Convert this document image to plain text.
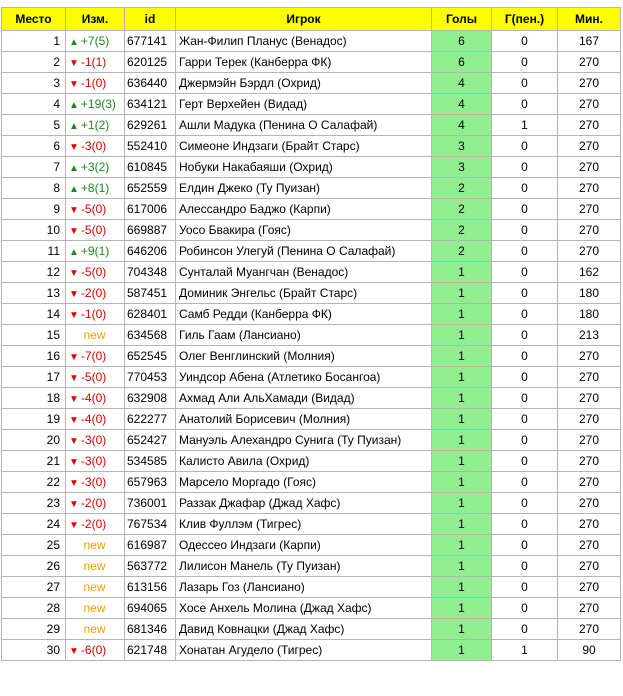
Место	Изм.	id	Игрок	Голы	Г(пен.)	Мин.
1	▲ +7(5)	677141	Жан-Филип Планус (Венадос)	6	0	167
2	▼ -1(1)	620125	Гарри Терек (Канберра ФК)	6	0	270
3	▼ -1(0)	636440	Джермэйн Бэрдл (Охрид)	4	0	270
4	▲ +19(3)	634121	Герт Верхейен (Видад)	4	0	270
5	▲ +1(2)	629261	Ашли Мадука (Пенина О Салафай)	4	1	270
6	▼ -3(0)	552410	Симеоне Индзаги (Брайт Старс)	3	0	270
7	▲ +3(2)	610845	Нобуки Накабаяши (Охрид)	3	0	270
8	▲ +8(1)	652559	Елдин Джеко (Ту Пуизан)	2	0	270
9	▼ -5(0)	617006	Алессандро Баджо (Карпи)	2	0	270
10	▼ -5(0)	669887	Уосо Бвакира (Гояс)	2	0	270
11	▲ +9(1)	646206	Робинсон Улегуй (Пенина О Салафай)	2	0	270
12	▼ -5(0)	704348	Сунталай Муангчан (Венадос)	1	0	162
13	▼ -2(0)	587451	Доминик Энгельс (Брайт Старс)	1	0	180
14	▼ -1(0)	628401	Самб Редди (Канберра ФК)	1	0	180
15	new	634568	Гиль Гаам (Лансиано)	1	0	213
16	▼ -7(0)	652545	Олег Венглинский (Молния)	1	0	270
17	▼ -5(0)	770453	Уиндсор Абена (Атлетико Босангоа)	1	0	270
18	▼ -4(0)	632908	Ахмад Али АльХамади (Видад)	1	0	270
19	▼ -4(0)	622277	Анатолий Борисевич (Молния)	1	0	270
20	▼ -3(0)	652427	Мануэль Алехандро Сунига (Ту Пуизан)	1	0	270
21	▼ -3(0)	534585	Калисто Авила (Охрид)	1	0	270
22	▼ -3(0)	657963	Марсело Моргадо (Гояс)	1	0	270
23	▼ -2(0)	736001	Раззак Джафар (Джад Хафс)	1	0	270
24	▼ -2(0)	767534	Клив Фуллэм (Тигрес)	1	0	270
25	new	616987	Одессео Индзаги (Карпи)	1	0	270
26	new	563772	Лилисон Манель (Ту Пуизан)	1	0	270
27	new	613156	Лазарь Гоз (Лансиано)	1	0	270
28	new	694065	Хосе Анхель Молина (Джад Хафс)	1	0	270
29	new	681346	Давид Ковнацки (Джад Хафс)	1	0	270
30	▼ -6(0)	621748	Хонатан Агудело (Тигрес)	1	1	90
